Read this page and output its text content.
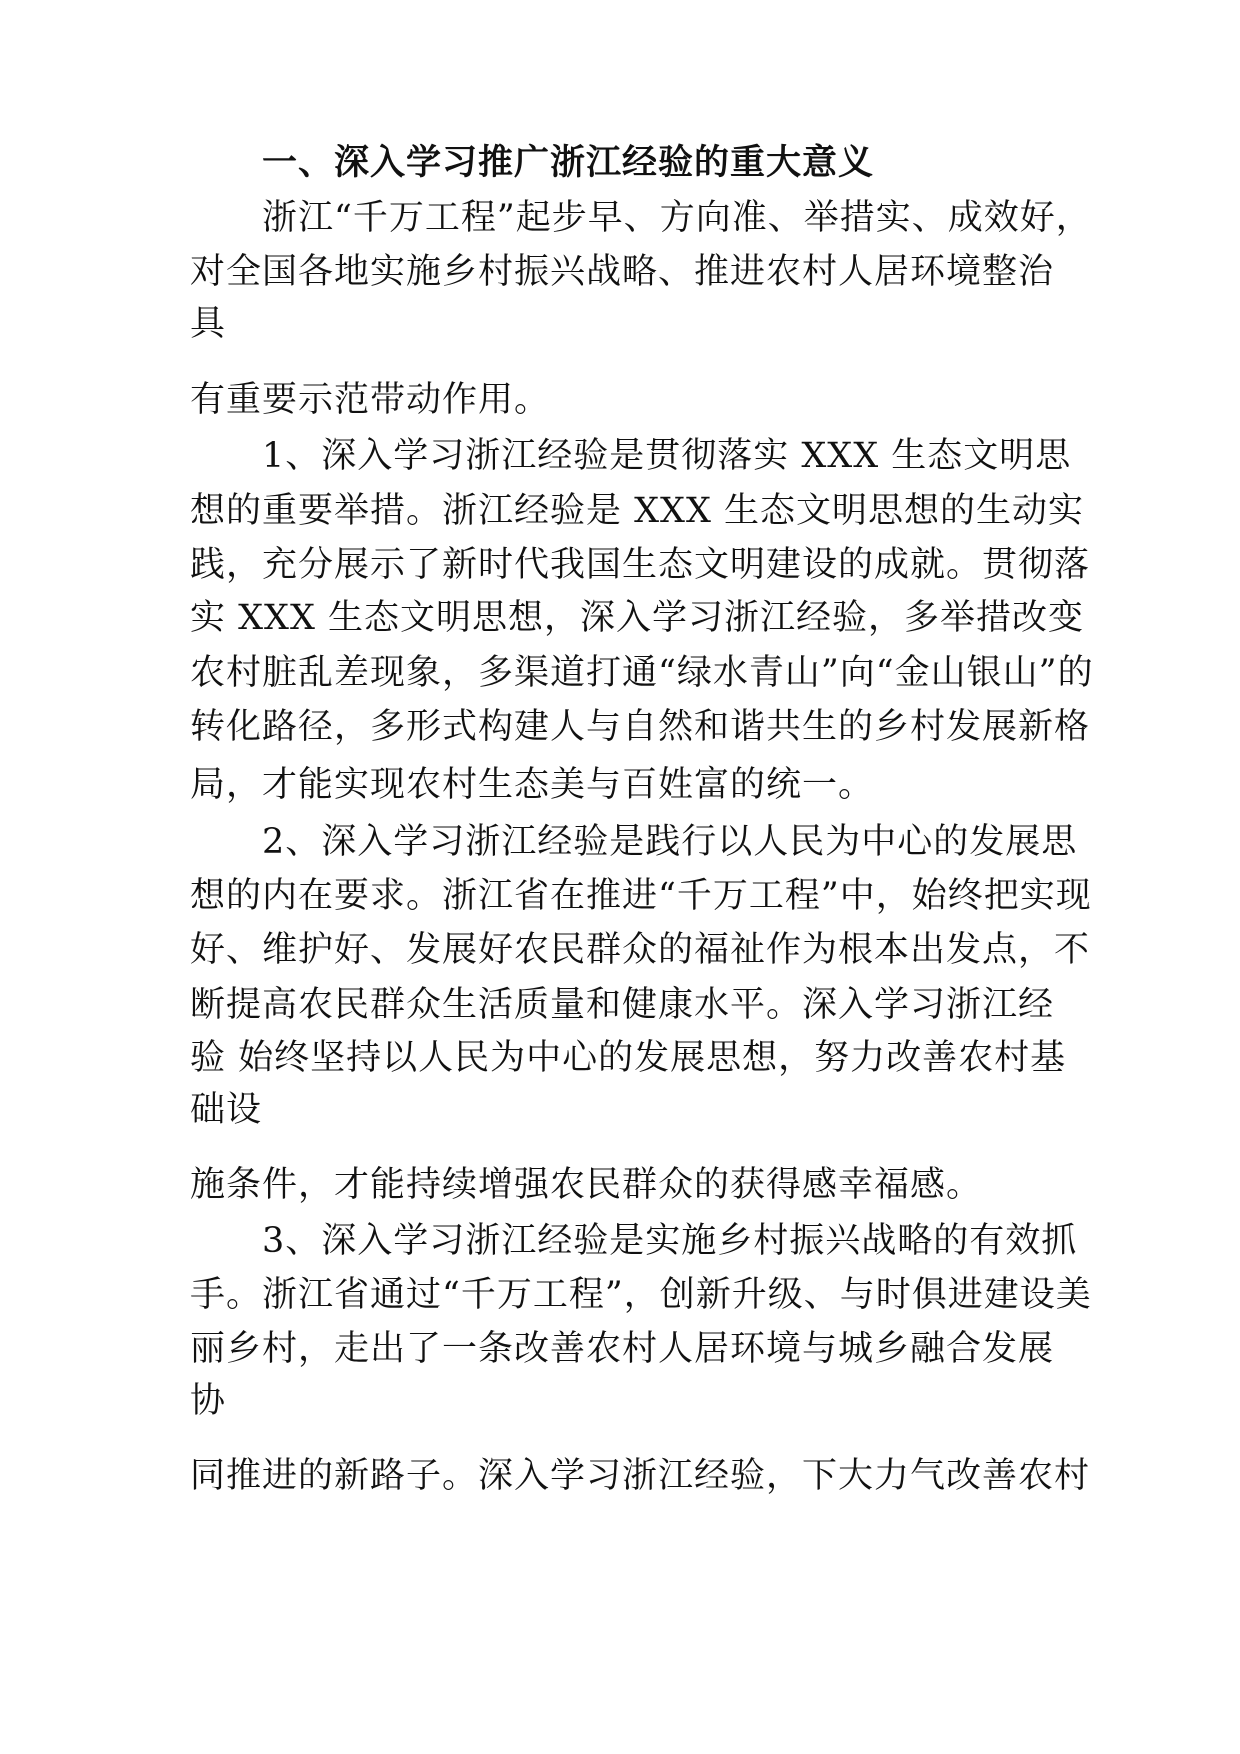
一、深入学习推广浙江经验的重大意义
浙江“千万工程”起步早、方向准、举措实、成效好，
对全国各地实施乡村振兴战略、推进农村人居环境整治
具
有重要示范带动作用。
1、深入学习浙江经验是贯彻落实 XXX 生态文明思
想的重要举措。浙江经验是 XXX 生态文明思想的生动实
践，充分展示了新时代我国生态文明建设的成就。贯彻落
实 XXX 生态文明思想，深入学习浙江经验，多举措改变
农村脏乱差现象，多渠道打通“绿水青山”向“金山银山”的
转化路径，多形式构建人与自然和谐共生的乡村发展新格
局，才能实现农村生态美与百姓富的统一。
2、深入学习浙江经验是践行以人民为中心的发展思
想的内在要求。浙江省在推进“千万工程”中，始终把实现
好、维护好、发展好农民群众的福祉作为根本出发点，不
断提高农民群众生活质量和健康水平。深入学习浙江经
验 始终坚持以人民为中心的发展思想，努力改善农村基
础设
施条件，才能持续增强农民群众的获得感幸福感。
3、深入学习浙江经验是实施乡村振兴战略的有效抓
手。浙江省通过“千万工程”，创新升级、与时俱进建设美
丽乡村，走出了一条改善农村人居环境与城乡融合发展
协
同推进的新路子。深入学习浙江经验，下大力气改善农村
